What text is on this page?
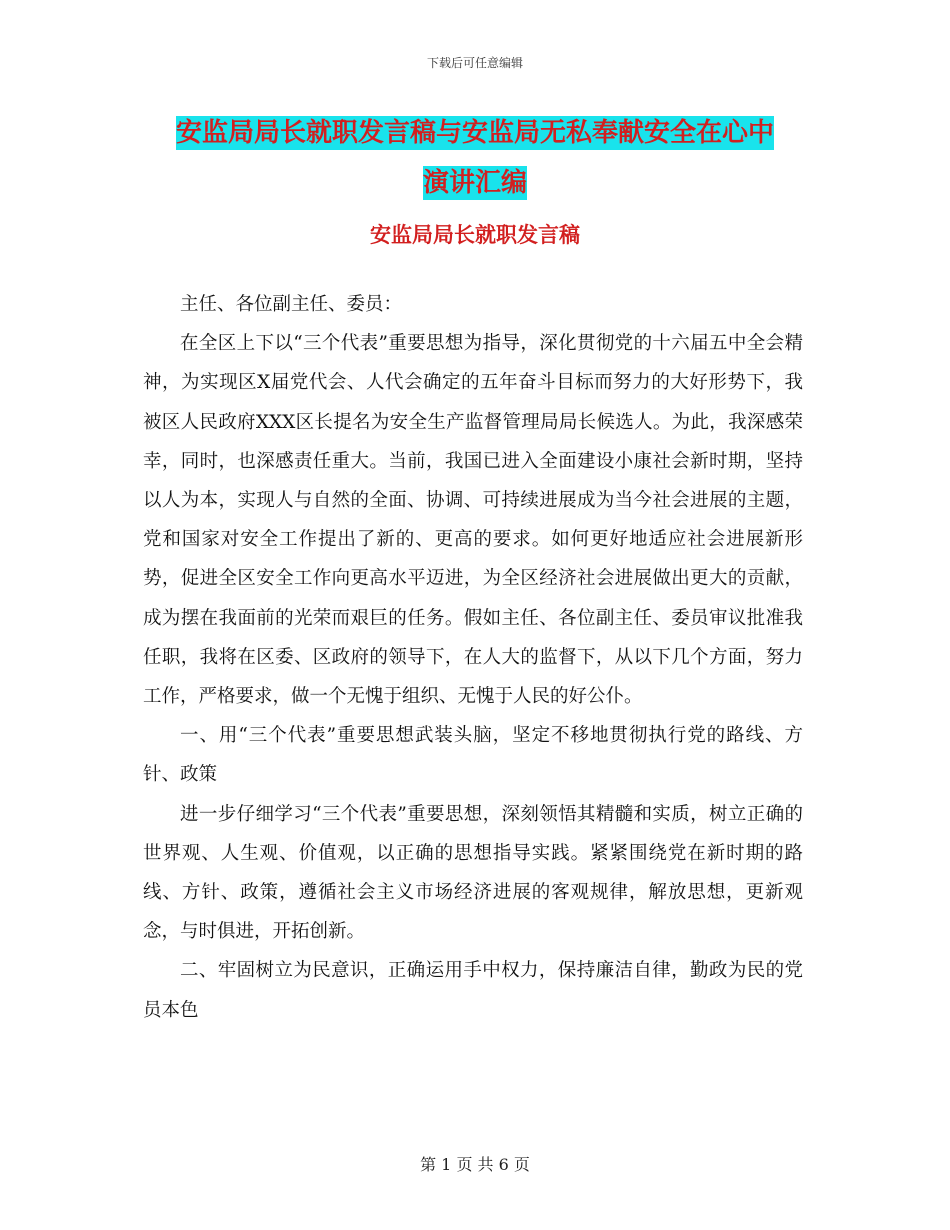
下载后可任意编辑
安监局局长就职发言稿与安监局无私奉献安全在心中
演讲汇编
安监局局长就职发言稿

主任、各位副主任、委员：

在全区上下以“三个代表”重要思想为指导，深化贯彻党的十六届五中全会精神，为实现区X届党代会、人代会确定的五年奋斗目标而努力的大好形势下，我被区人民政府XXX区长提名为安全生产监督管理局局长候选人。为此，我深感荣幸，同时，也深感责任重大。当前，我国已进入全面建设小康社会新时期，坚持以人为本，实现人与自然的全面、协调、可持续进展成为当今社会进展的主题，党和国家对安全工作提出了新的、更高的要求。如何更好地适应社会进展新形势，促进全区安全工作向更高水平迈进，为全区经济社会进展做出更大的贡献，成为摆在我面前的光荣而艰巨的任务。假如主任、各位副主任、委员审议批准我任职，我将在区委、区政府的领导下，在人大的监督下，从以下几个方面，努力工作，严格要求，做一个无愧于组织、无愧于人民的好公仆。

一、用“三个代表”重要思想武装头脑，坚定不移地贯彻执行党的路线、方针、政策

进一步仔细学习“三个代表”重要思想，深刻领悟其精髓和实质，树立正确的世界观、人生观、价值观，以正确的思想指导实践。紧紧围绕党在新时期的路线、方针、政策，遵循社会主义市场经济进展的客观规律，解放思想，更新观念，与时俱进，开拓创新。

二、牢固树立为民意识，正确运用手中权力，保持廉洁自律，勤政为民的党员本色

第 1 页 共 6 页
